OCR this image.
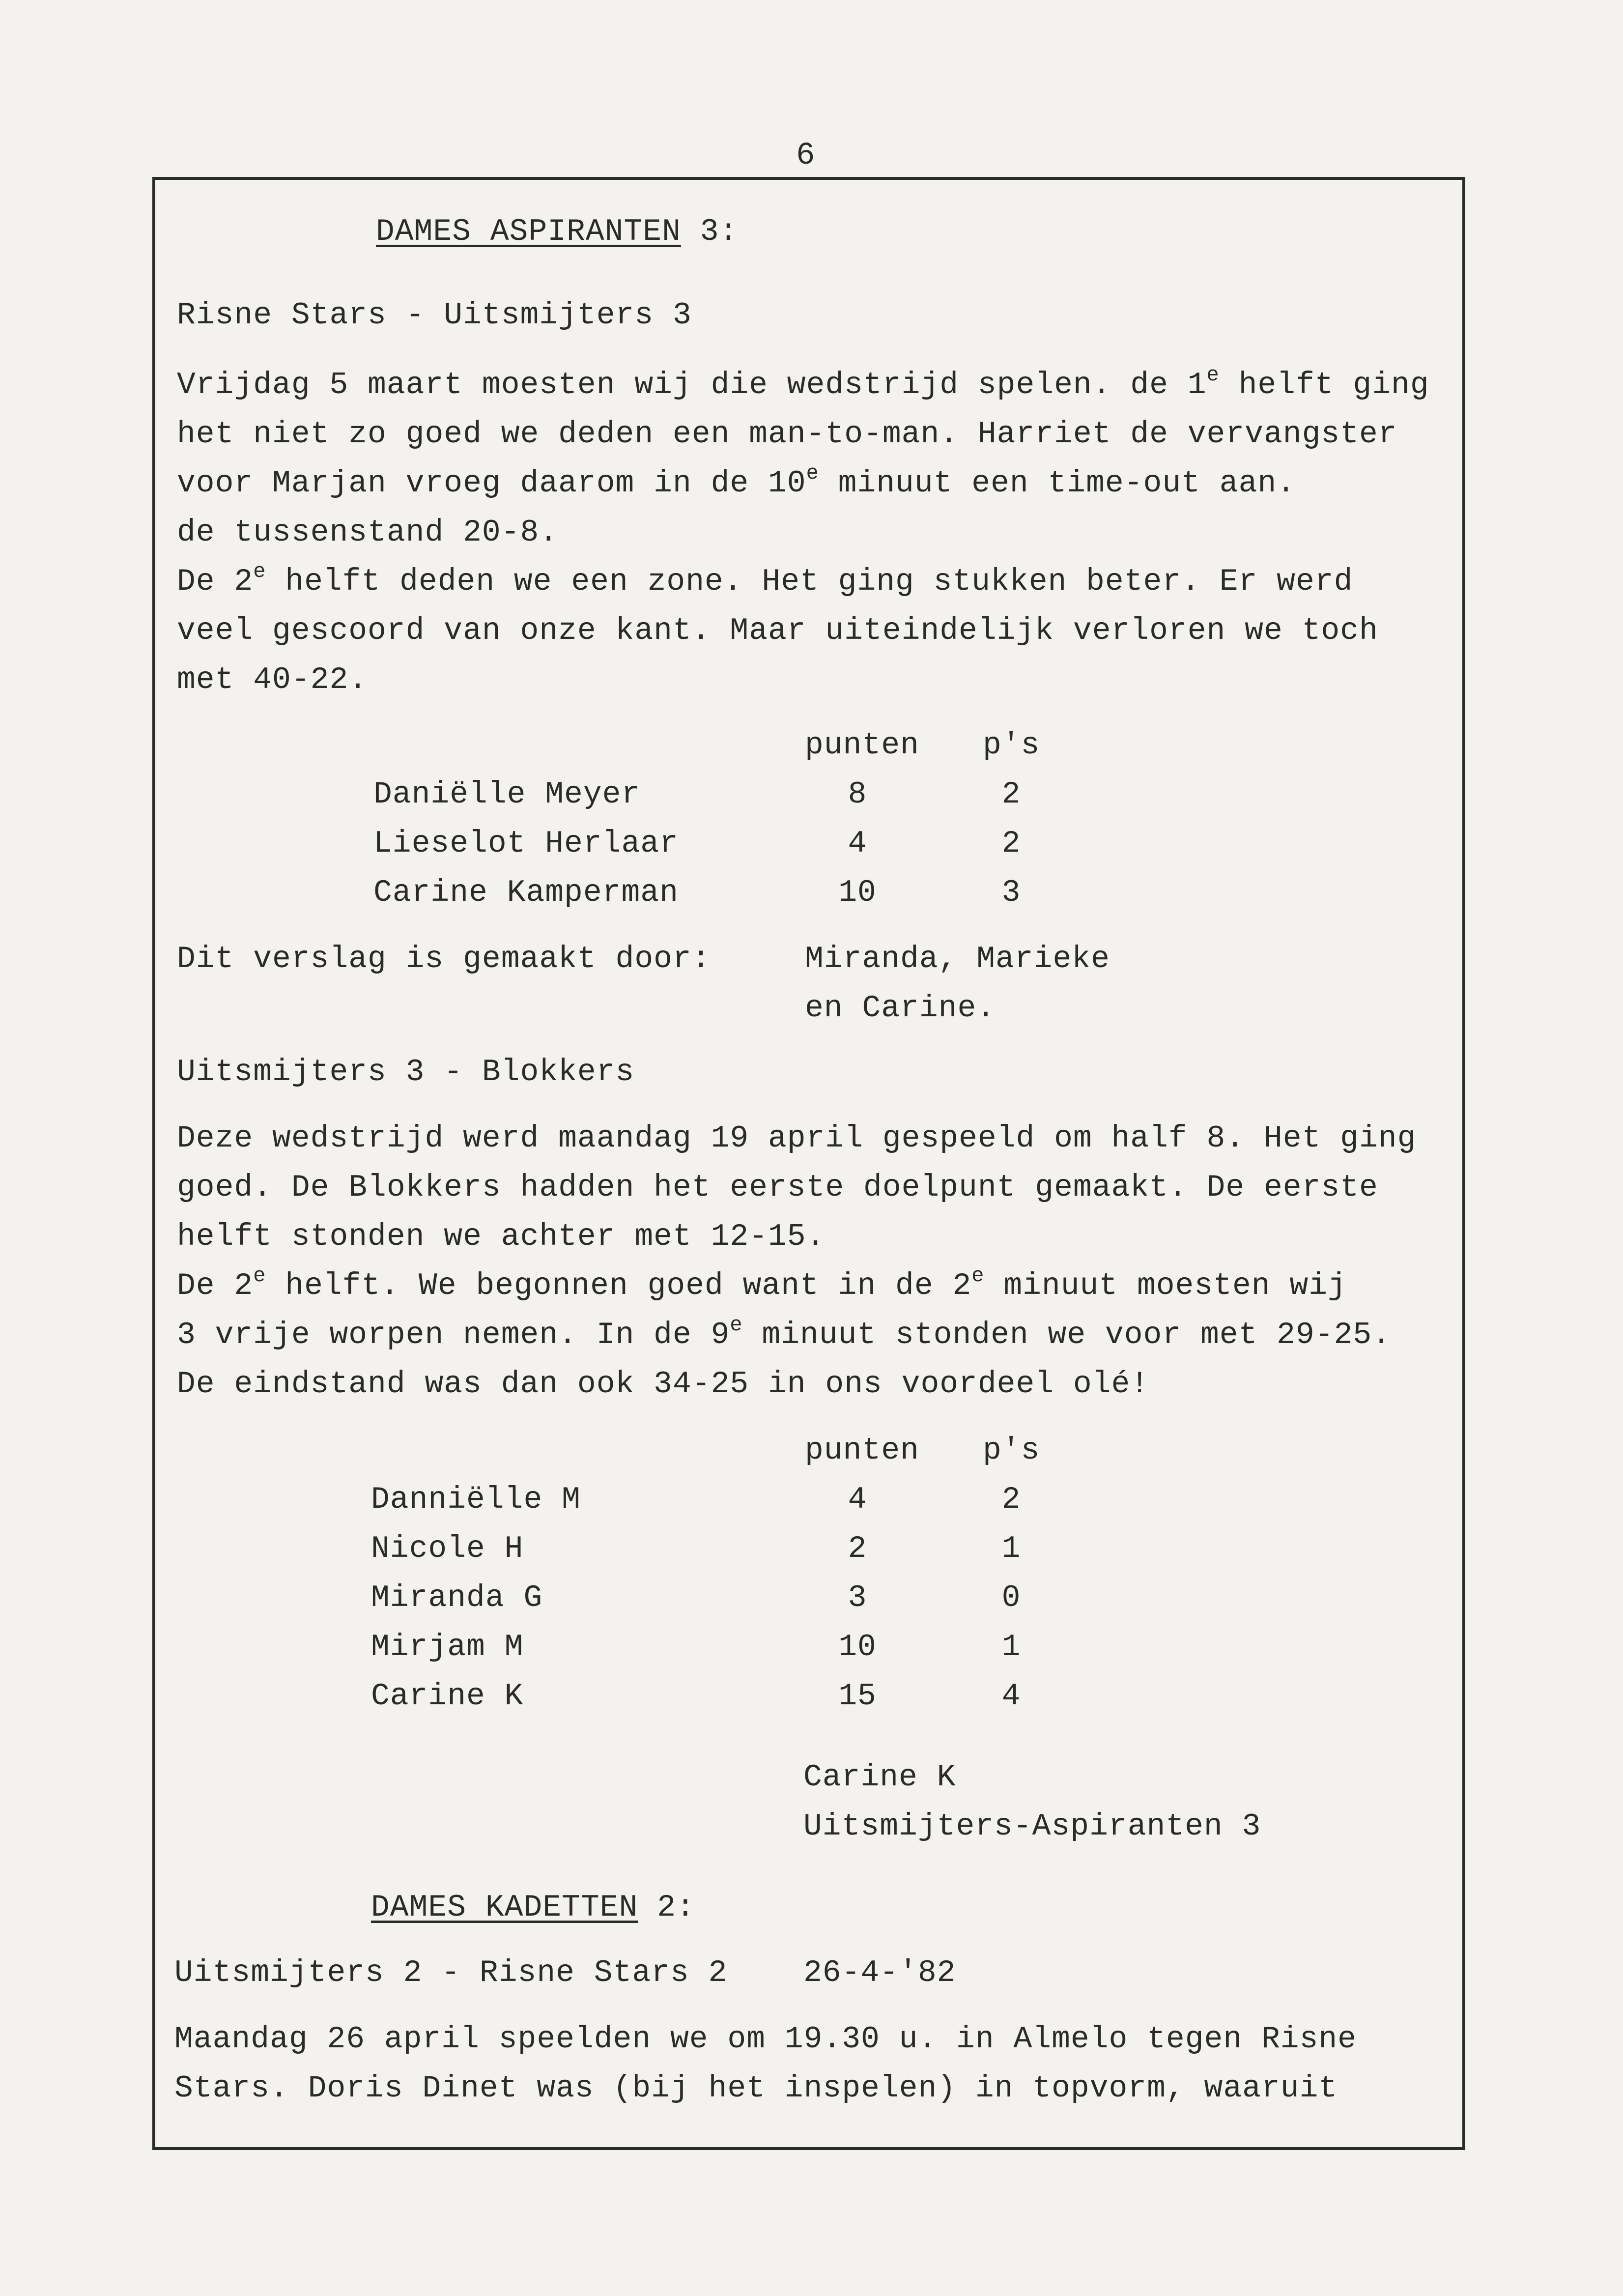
6
DAMES ASPIRANTEN 3:
Risne Stars - Uitsmijters 3
Vrijdag 5 maart moesten wij die wedstrijd spelen. de 1e helft ging
het niet zo goed we deden een man-to-man. Harriet de vervangster
voor Marjan vroeg daarom in de 10e minuut een time-out aan.
de tussenstand 20-8.
De 2e helft deden we een zone. Het ging stukken beter. Er werd
veel gescoord van onze kant. Maar uiteindelijk verloren we toch
met 40-22.
punten p's
Daniëlle Meyer	8	2
Lieselot Herlaar	4	2
Carine Kamperman	10	3
Dit verslag is gemaakt door:	Miranda, Marieke
en Carine.
Uitsmijters 3 - Blokkers
Deze wedstrijd werd maandag 19 april gespeeld om half 8. Het ging
goed. De Blokkers hadden het eerste doelpunt gemaakt. De eerste
helft stonden we achter met 12-15.
De 2e helft. We begonnen goed want in de 2e minuut moesten wij
3 vrije worpen nemen. In de 9e minuut stonden we voor met 29-25.
De eindstand was dan ook 34-25 in ons voordeel olé!
punten p's
Danniëlle M	4	2
Nicole H	2	1
Miranda G	3	0
Mirjam M	10	1
Carine K	15	4
Carine K
Uitsmijters-Aspiranten 3
DAMES KADETTEN 2:
Uitsmijters 2 - Risne Stars 2 26-4-'82
Maandag 26 april speelden we om 19.30 u. in Almelo tegen Risne
Stars. Doris Dinet was (bij het inspelen) in topvorm, waaruit
